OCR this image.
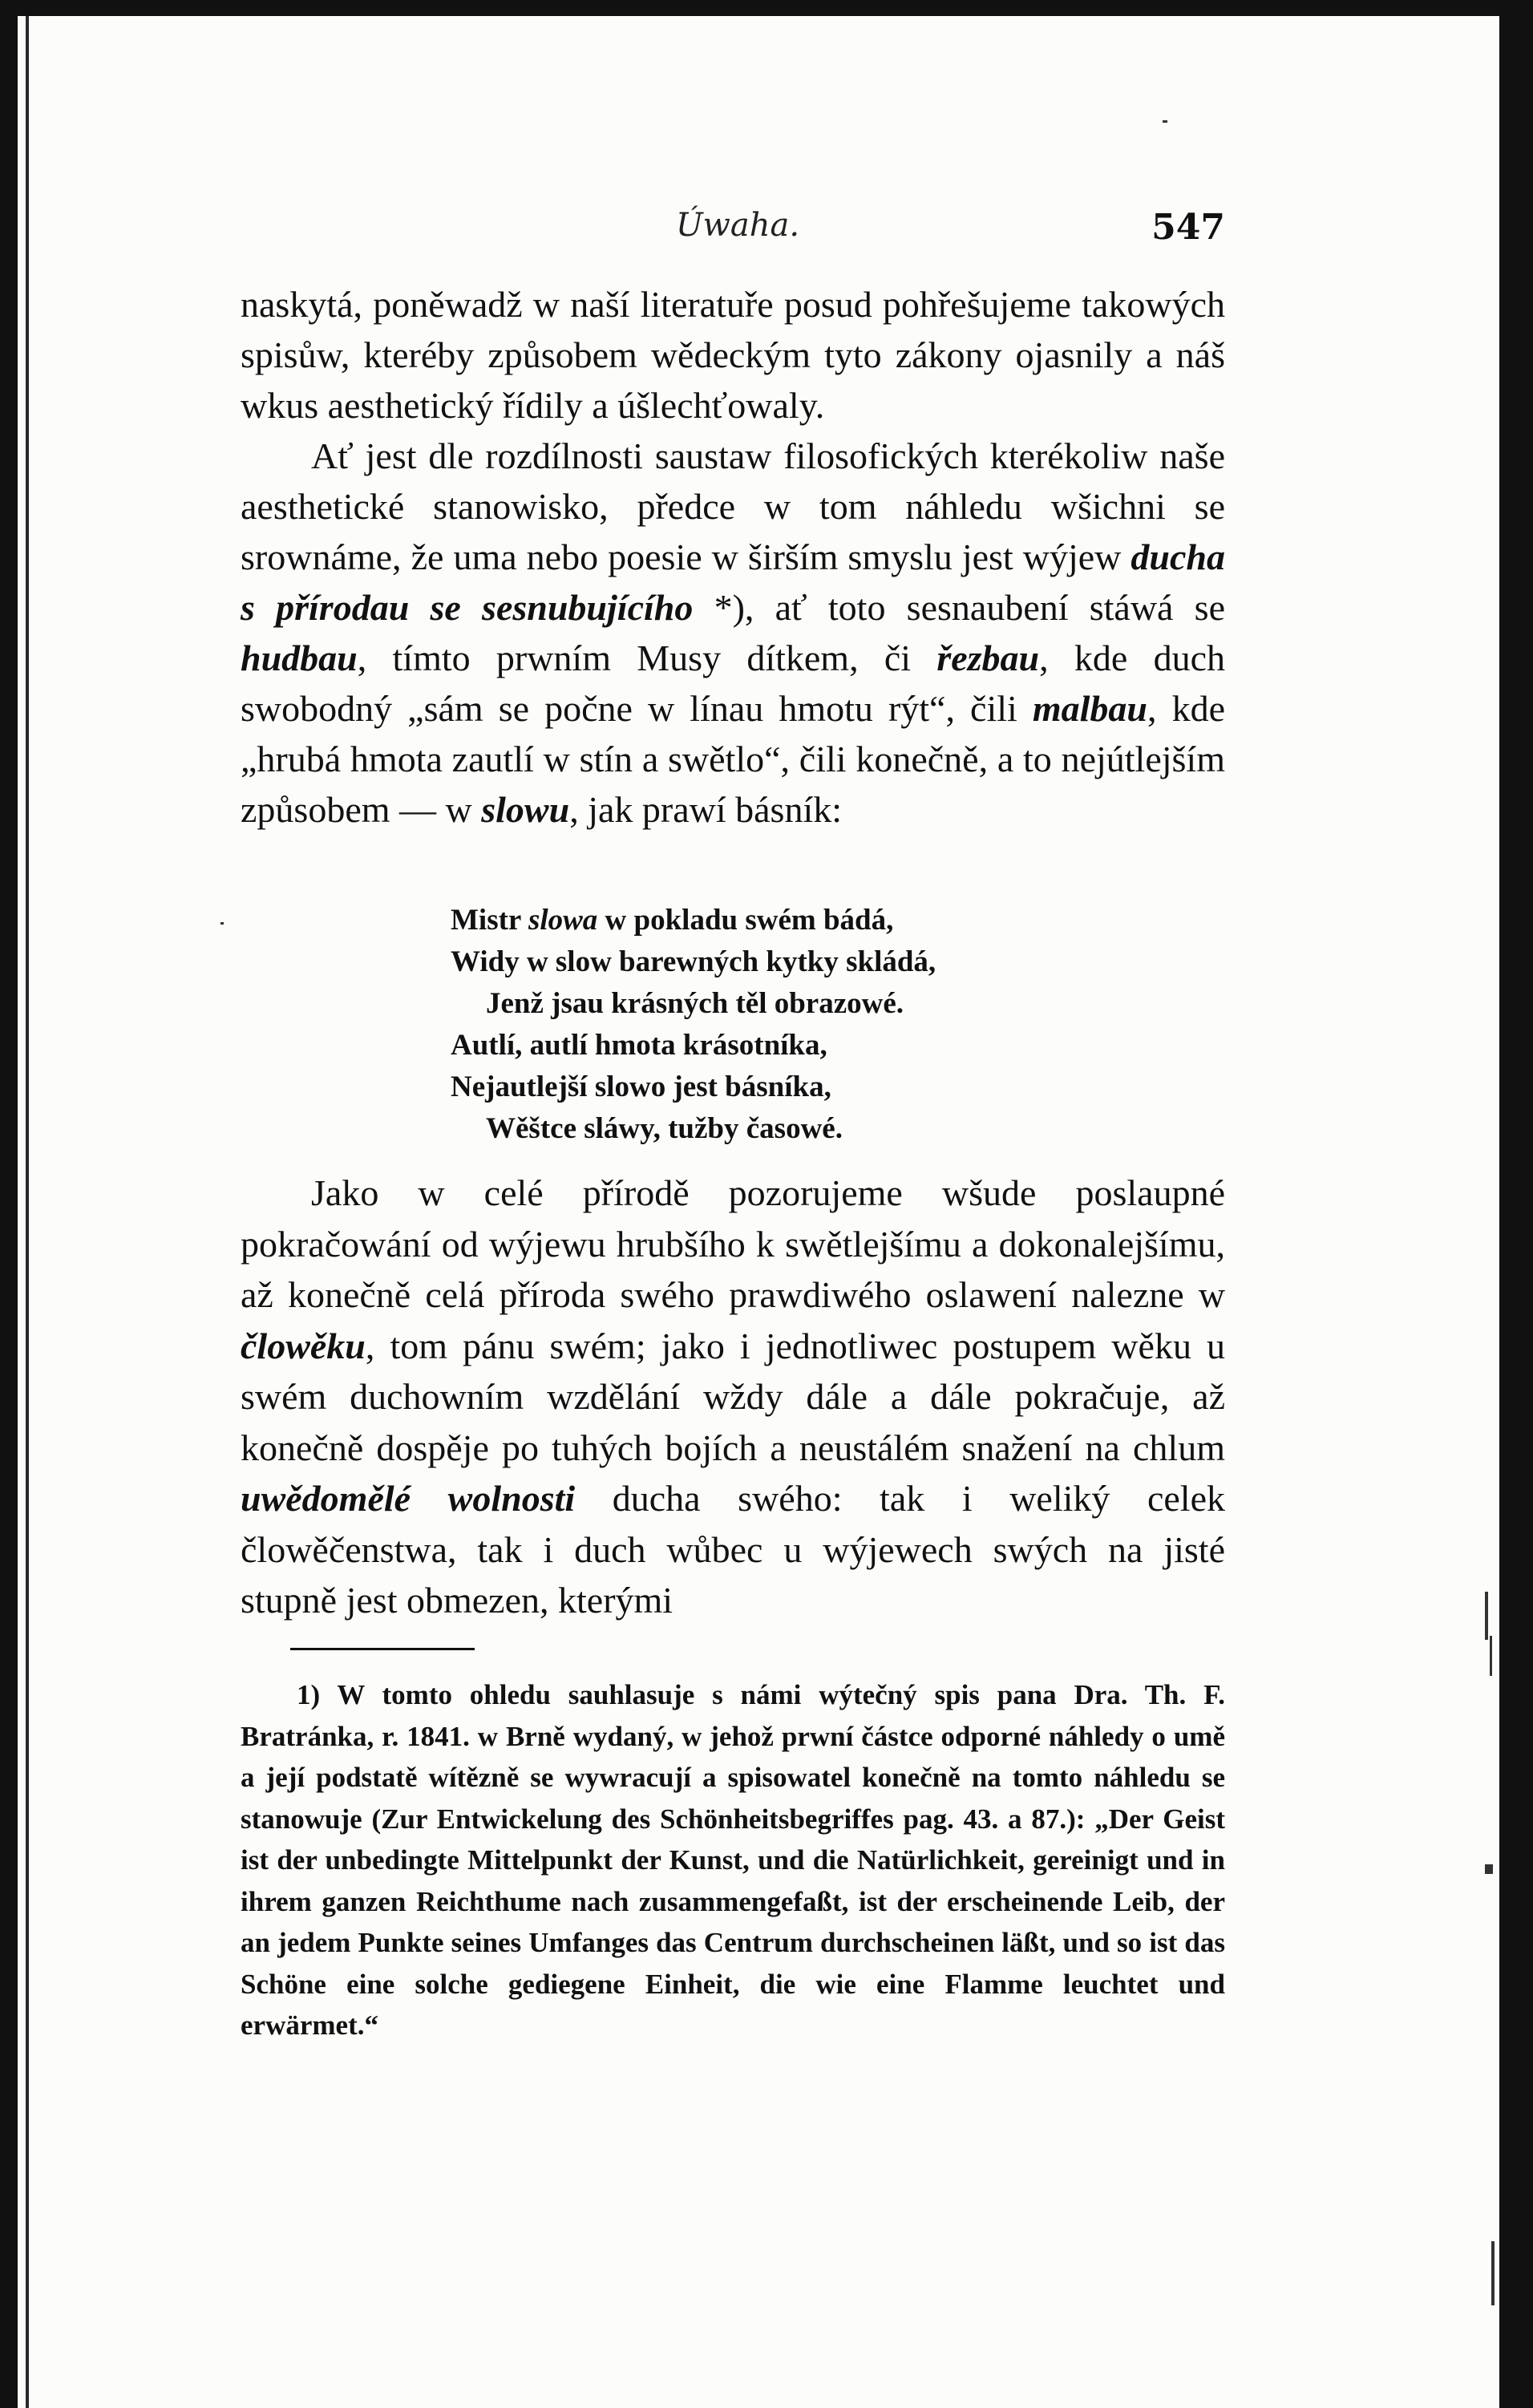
Úwaha.	547

naskytá, poněwadž w naší literatuře posud pohřešujeme takowých spisůw, kteréby způsobem wědeckým tyto zákony ojasnily a náš wkus aesthetický řídily a úšlechťowaly.

Ať jest dle rozdílnosti saustaw filosofických kterékoliw naše aesthetické stanowisko, předce w tom náhledu wšichni se srownáme, že uma nebo poesie w širším smyslu jest wýjew ducha s přírodau se sesnubujícího *), ať toto sesnaubení stáwá se hudbau, tímto prwním Musy dítkem, či řezbau, kde duch swobodný „sám se počne w línau hmotu rýt“, čili malbau, kde „hrubá hmota zautlí w stín a swětlo“, čili konečně, a to nejútlejším způsobem — w slowu, jak prawí básník:

Mistr slowa w pokladu swém bádá,
Widy w slow barewných kytky skládá,
Jenž jsau krásných těl obrazowé.
Autlí, autlí hmota krásotníka,
Nejautlejší slowo jest básníka,
Wěštce sláwy, tužby časowé.

Jako w celé přírodě pozorujeme wšude poslaupné pokračowání od wýjewu hrubšího k swětlejšímu a dokonalejšímu, až konečně celá příroda swého prawdiwého oslawení nalezne w člowěku, tom pánu swém; jako i jednotliwec postupem wěku u swém duchowním wzdělání wždy dále a dále pokračuje, až konečně dospěje po tuhých bojích a neustálém snažení na chlum uwědomělé wolnosti ducha swého: tak i weliký celek člowěčenstwa, tak i duch wůbec u wýjewech swých na jisté stupně jest obmezen, kterými

1) W tomto ohledu sauhlasuje s námi wýtečný spis pana Dra. Th. F. Bratránka, r. 1841. w Brně wydaný, w jehož prwní částce odporné náhledy o umě a její podstatě wítězně se wywracují a spisowatel konečně na tomto náhledu se stanowuje (Zur Entwickelung des Schönheitsbegriffes pag. 43. a 87.): „Der Geist ist der unbedingte Mittelpunkt der Kunst, und die Natürlichkeit, gereinigt und in ihrem ganzen Reichthume nach zusammengefaßt, ist der erscheinende Leib, der an jedem Punkte seines Umfanges das Centrum durchscheinen läßt, und so ist das Schöne eine solche gediegene Einheit, die wie eine Flamme leuchtet und erwärmet.“
